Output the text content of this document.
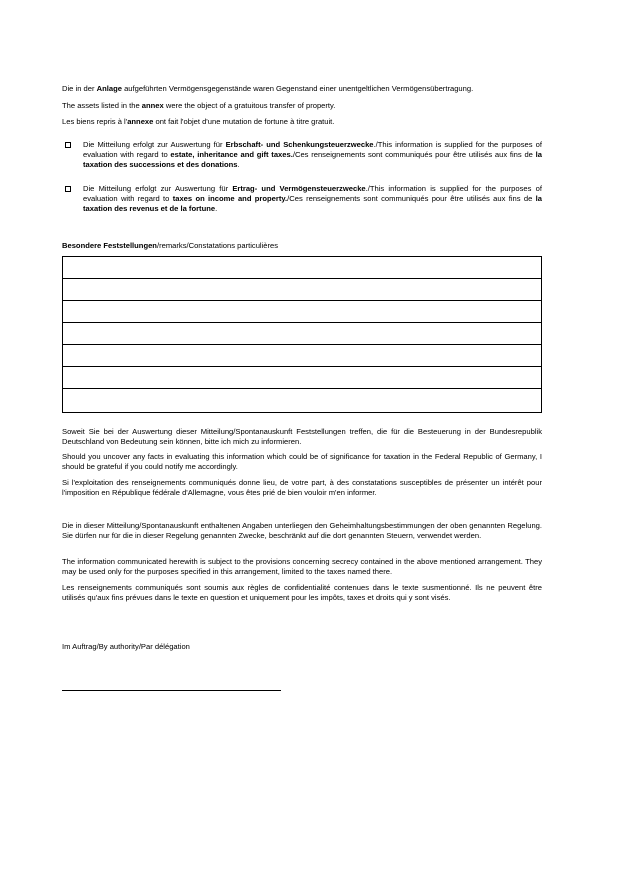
Die in der Anlage aufgeführten Vermögensgegenstände waren Gegenstand einer unentgeltlichen Vermögensübertragung.

The assets listed in the annex were the object of a gratuitous transfer of property.

Les biens repris à l'annexe ont fait l'objet d'une mutation de fortune à titre gratuit.

Die Mitteilung erfolgt zur Auswertung für Erbschaft- und Schenkungsteuerzwecke./This information is supplied for the purposes of evaluation with regard to estate, inheritance and gift taxes./Ces renseignements sont communiqués pour être utilisés aux fins de la taxation des successions et des donations.
Die Mitteilung erfolgt zur Auswertung für Ertrag- und Vermögensteuerzwecke./This information is supplied for the purposes of evaluation with regard to taxes on income and property./Ces renseignements sont communiqués pour être utilisés aux fins de la taxation des revenus et de la fortune.
Besondere Feststellungen/remarks/Constatations particulières

Soweit Sie bei der Auswertung dieser Mitteilung/Spontanauskunft Feststellungen treffen, die für die Besteuerung in der Bundesrepublik Deutschland von Bedeutung sein können, bitte ich mich zu informieren.

Should you uncover any facts in evaluating this information which could be of significance for taxation in the Federal Republic of Germany, I should be grateful if you could notify me accordingly.

Si l'exploitation des renseignements communiqués donne lieu, de votre part, à des constatations susceptibles de présenter un intérêt pour l'imposition en République fédérale d'Allemagne, vous êtes prié de bien vouloir m'en informer.

Die in dieser Mitteilung/Spontanauskunft enthaltenen Angaben unterliegen den Geheimhaltungsbestimmungen der oben genannten Regelung. Sie dürfen nur für die in dieser Regelung genannten Zwecke, beschränkt auf die dort genannten Steuern, verwendet werden.

The information communicated herewith is subject to the provisions concerning secrecy contained in the above mentioned arrangement. They may be used only for the purposes specified in this arrangement, limited to the taxes named there.

Les renseignements communiqués sont soumis aux règles de confidentialité contenues dans le texte susmentionné. Ils ne peuvent être utilisés qu'aux fins prévues dans le texte en question et uniquement pour les impôts, taxes et droits qui y sont visés.

Im Auftrag/By authority/Par délégation
